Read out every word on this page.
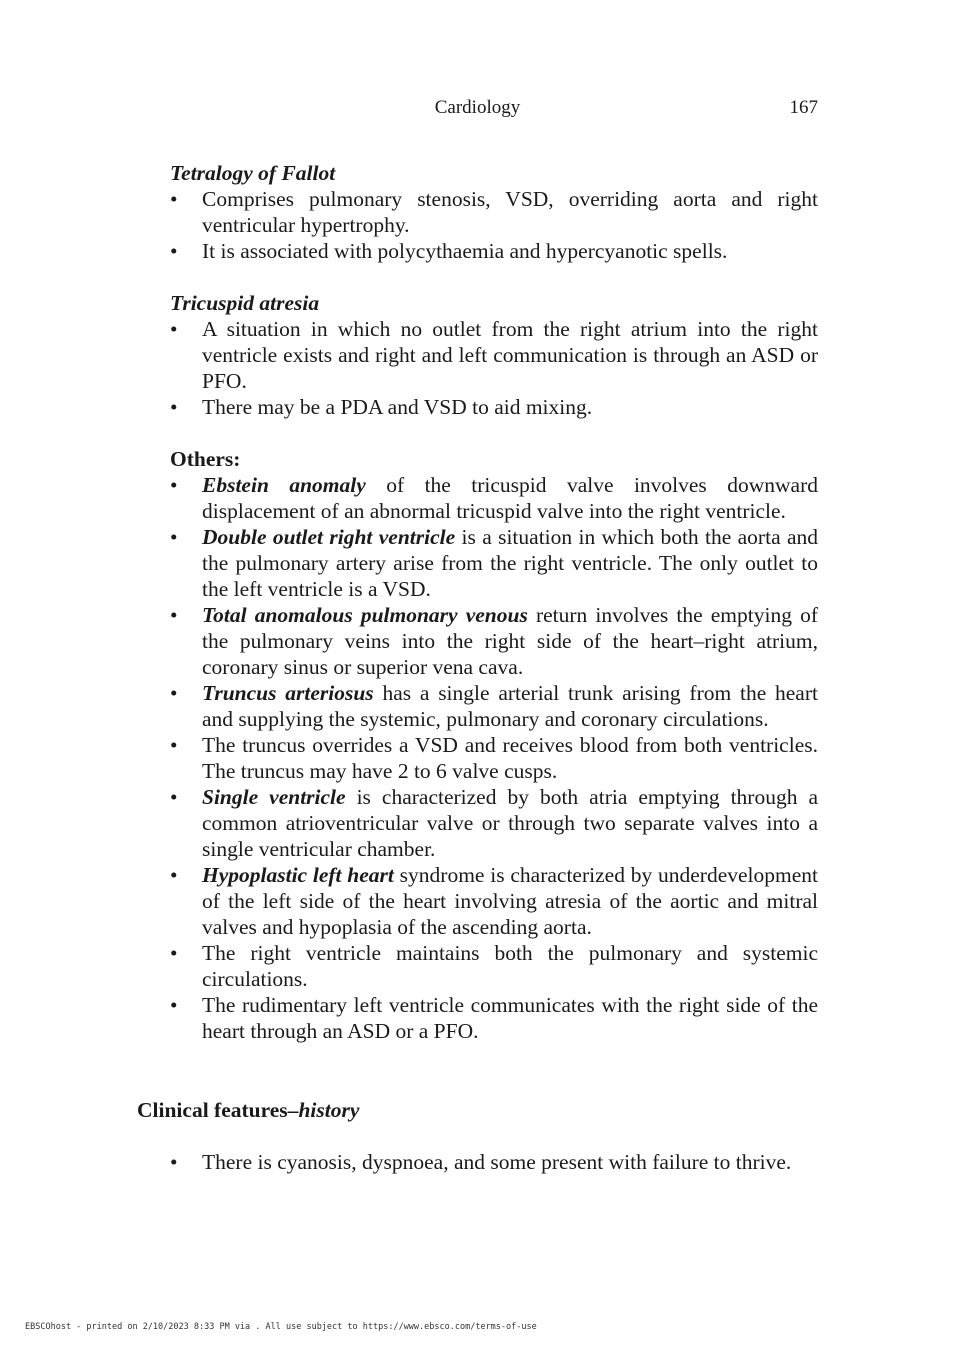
Cardiology	167

Tetralogy of Fallot

• Comprises pulmonary stenosis, VSD, overriding aorta and right ventricular hypertrophy.
• It is associated with polycythaemia and hypercyanotic spells.

Tricuspid atresia

• A situation in which no outlet from the right atrium into the right ventricle exists and right and left communication is through an ASD or PFO.
• There may be a PDA and VSD to aid mixing.

Others:

• Ebstein anomaly of the tricuspid valve involves downward displacement of an abnormal tricuspid valve into the right ventricle.
• Double outlet right ventricle is a situation in which both the aorta and the pulmonary artery arise from the right ventricle. The only outlet to the left ventricle is a VSD.
• Total anomalous pulmonary venous return involves the emptying of the pulmonary veins into the right side of the heart–right atrium, coronary sinus or superior vena cava.
• Truncus arteriosus has a single arterial trunk arising from the heart and supplying the systemic, pulmonary and coronary circulations.
• The truncus overrides a VSD and receives blood from both ventricles. The truncus may have 2 to 6 valve cusps.
• Single ventricle is characterized by both atria emptying through a common atrioventricular valve or through two separate valves into a single ventricular chamber.
• Hypoplastic left heart syndrome is characterized by underdevelopment of the left side of the heart involving atresia of the aortic and mitral valves and hypoplasia of the ascending aorta.
• The right ventricle maintains both the pulmonary and systemic circulations.
• The rudimentary left ventricle communicates with the right side of the heart through an ASD or a PFO.

Clinical features–history

• There is cyanosis, dyspnoea, and some present with failure to thrive.
EBSCOhost - printed on 2/10/2023 8:33 PM via . All use subject to https://www.ebsco.com/terms-of-use
